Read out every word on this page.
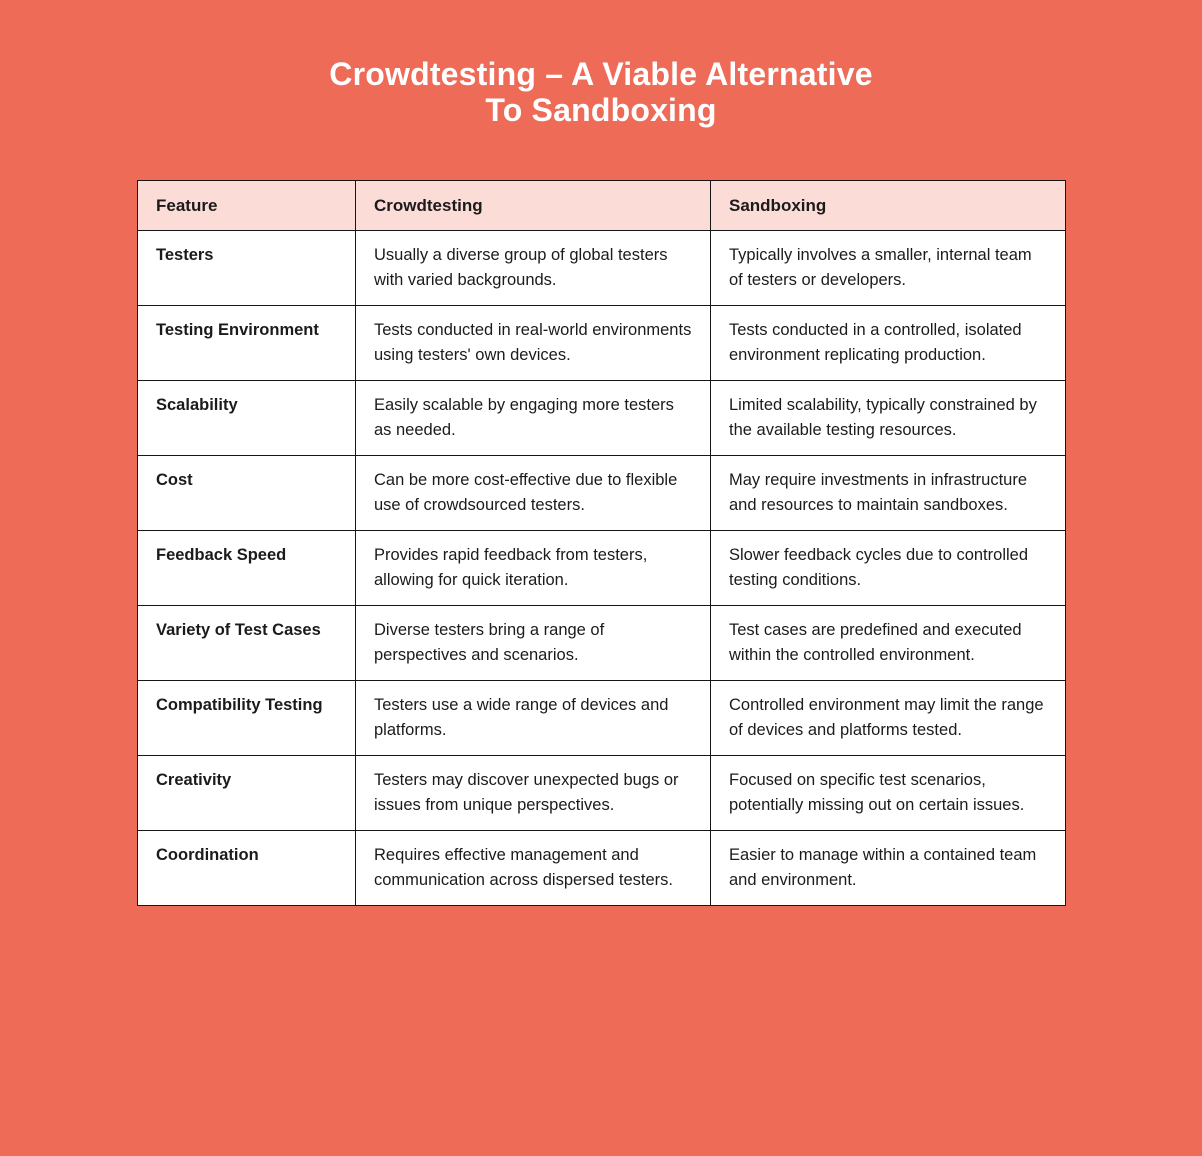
Crowdtesting – A Viable Alternative
To Sandboxing
Feature	Crowdtesting	Sandboxing
Testers	Usually a diverse group of global testers with varied backgrounds.	Typically involves a smaller, internal team of testers or developers.
Testing Environment	Tests conducted in real-world environments using testers' own devices.	Tests conducted in a controlled, isolated environment replicating production.
Scalability	Easily scalable by engaging more testers as needed.	Limited scalability, typically constrained by the available testing resources.
Cost	Can be more cost-effective due to flexible use of crowdsourced testers.	May require investments in infrastructure and resources to maintain sandboxes.
Feedback Speed	Provides rapid feedback from testers, allowing for quick iteration.	Slower feedback cycles due to controlled testing conditions.
Variety of Test Cases	Diverse testers bring a range of perspectives and scenarios.	Test cases are predefined and executed within the controlled environment.
Compatibility Testing	Testers use a wide range of devices and platforms.	Controlled environment may limit the range of devices and platforms tested.
Creativity	Testers may discover unexpected bugs or issues from unique perspectives.	Focused on specific test scenarios, potentially missing out on certain issues.
Coordination	Requires effective management and communication across dispersed testers.	Easier to manage within a contained team and environment.
